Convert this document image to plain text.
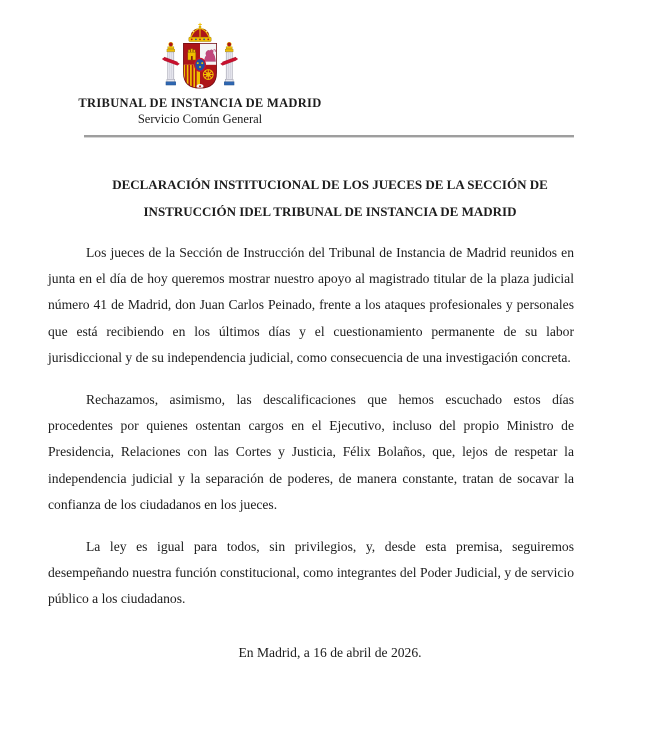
TRIBUNAL DE INSTANCIA DE MADRID
Servicio Común General
DECLARACIÓN INSTITUCIONAL DE LOS JUECES DE LA SECCIÓN DE
INSTRUCCIÓN IDEL TRIBUNAL DE INSTANCIA DE MADRID

Los jueces de la Sección de Instrucción del Tribunal de Instancia de Madrid reunidos en junta en el día de hoy queremos mostrar nuestro apoyo al magistrado titular de la plaza judicial número 41 de Madrid, don Juan Carlos Peinado, frente a los ataques profesionales y personales que está recibiendo en los últimos días y el cuestionamiento permanente de su labor jurisdiccional y de su independencia judicial, como consecuencia de una investigación concreta.

Rechazamos, asimismo, las descalificaciones que hemos escuchado estos días procedentes por quienes ostentan cargos en el Ejecutivo, incluso del propio Ministro de Presidencia, Relaciones con las Cortes y Justicia, Félix Bolaños, que, lejos de respetar la independencia judicial y la separación de poderes, de manera constante, tratan de socavar la confianza de los ciudadanos en los jueces.

La ley es igual para todos, sin privilegios, y, desde esta premisa, seguiremos desempeñando nuestra función constitucional, como integrantes del Poder Judicial, y de servicio público a los ciudadanos.

En Madrid, a 16 de abril de 2026.
